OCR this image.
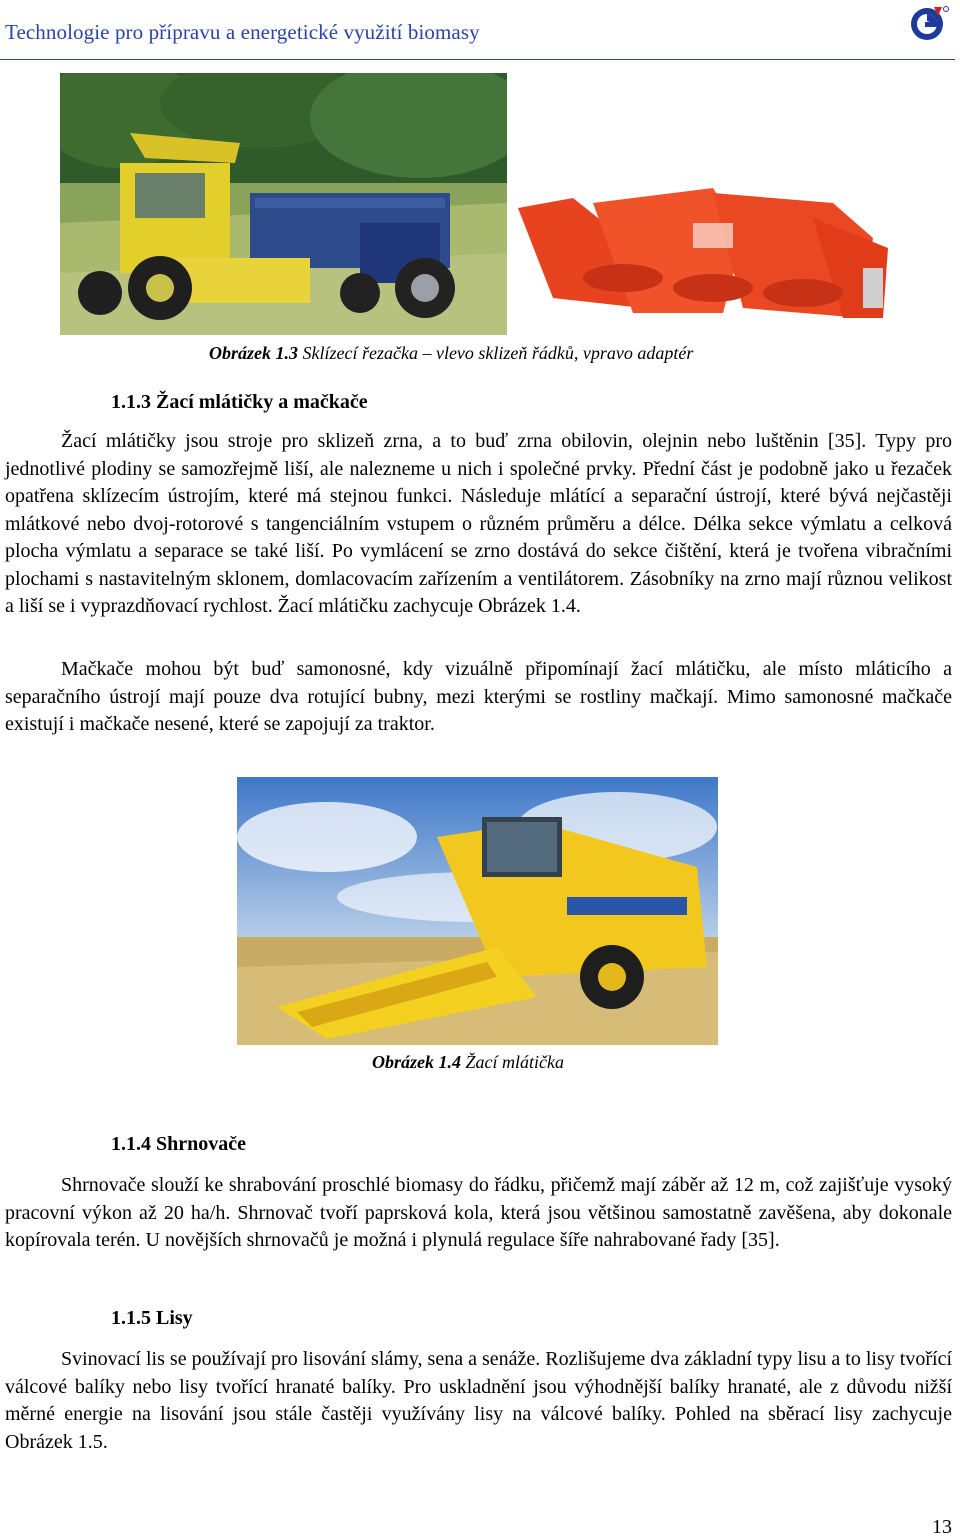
Technologie pro přípravu a energetické využití biomasy
Obrázek 1.3 Sklízecí řezačka – vlevo sklizeň řádků, vpravo adaptér
1.1.3 Žací mlátičky a mačkače
Žací mlátičky jsou stroje pro sklizeň zrna, a to buď zrna obilovin, olejnin nebo luštěnin [35]. Typy pro jednotlivé plodiny se samozřejmě liší, ale nalezneme u nich i společné prvky. Přední část je podobně jako u řezaček opatřena sklízecím ústrojím, které má stejnou funkci. Následuje mlátící a separační ústrojí, které bývá nejčastěji mlátkové nebo dvoj-rotorové s tangenciálním vstupem o různém průměru a délce. Délka sekce výmlatu a celková plocha výmlatu a separace se také liší. Po vymlácení se zrno dostává do sekce čištění, která je tvořena vibračními plochami s nastavitelným sklonem, domlacovacím zařízením a ventilátorem. Zásobníky na zrno mají různou velikost a liší se i vyprazdňovací rychlost. Žací mlátičku zachycuje Obrázek 1.4.
Mačkače mohou být buď samonosné, kdy vizuálně připomínají žací mlátičku, ale místo mláticího a separačního ústrojí mají pouze dva rotující bubny, mezi kterými se rostliny mačkají. Mimo samonosné mačkače existují i mačkače nesené, které se zapojují za traktor.
Obrázek 1.4 Žací mlátička
1.1.4 Shrnovače
Shrnovače slouží ke shrabování proschlé biomasy do řádku, přičemž mají záběr až 12 m, což zajišťuje vysoký pracovní výkon až 20 ha/h. Shrnovač tvoří paprsková kola, která jsou většinou samostatně zavěšena, aby dokonale kopírovala terén. U novějších shrnovačů je možná i plynulá regulace šíře nahrabované řady [35].
1.1.5 Lisy
Svinovací lis se používají pro lisování slámy, sena a senáže. Rozlišujeme dva základní typy lisu a to lisy tvořící válcové balíky nebo lisy tvořící hranaté balíky. Pro uskladnění jsou výhodnější balíky hranaté, ale z důvodu nižší měrné energie na lisování jsou stále častěji využívány lisy na válcové balíky. Pohled na sběrací lisy zachycuje Obrázek 1.5.
13
